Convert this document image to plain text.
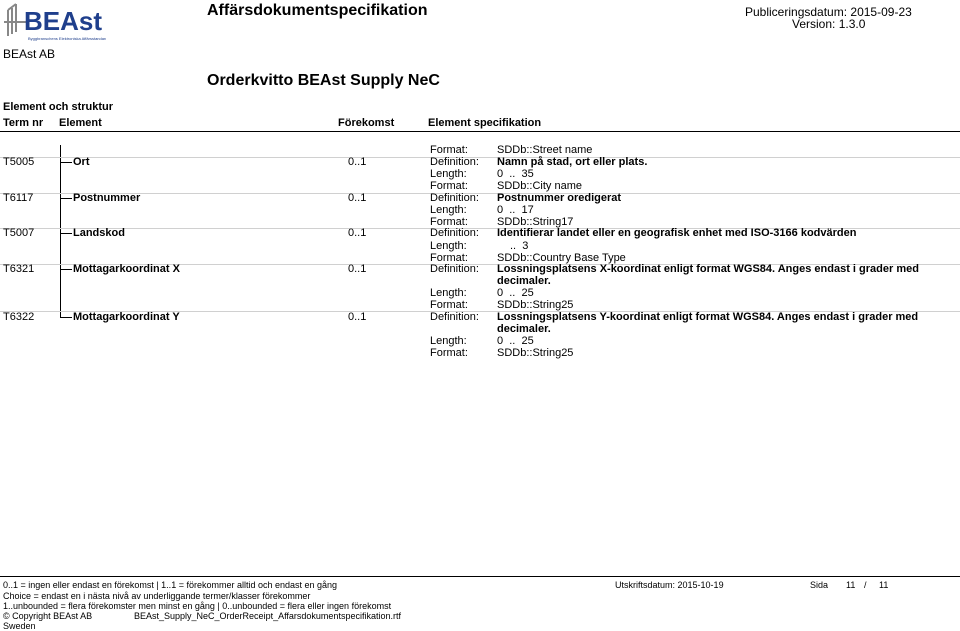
BEAst
Byggbranschens Elektroniska Affärsstandard
BEAst AB
Affärsdokumentspecifikation	Publiceringsdatum: 2015-09-23
Version: 1.3.0
Orderkvitto BEAst Supply NeC
Element och struktur
Term nr Element	Förekomst	Element specifikation
Format:	SDDb::Street name
T5005	Ort	0..1	Definition: Namn på stad, ort eller plats.
Length:	0  ..  35
Format:	SDDb::City name
T6117	Postnummer	0..1	Definition: Postnummer oredigerat
Length:	0  ..  17
Format:	SDDb::String17
T5007	Landskod	0..1	Definition: Identifierar landet eller en geografisk enhet med ISO-3166 kodvärden
Length:	..  3
Format:	SDDb::Country Base Type
T6321	Mottagarkoordinat X	0..1	Definition: Lossningsplatsens X-koordinat enligt format WGS84. Anges endast i grader med
decimaler.
Length:	0  ..  25
Format:	SDDb::String25
T6322	Mottagarkoordinat Y	0..1	Definition: Lossningsplatsens Y-koordinat enligt format WGS84. Anges endast i grader med
decimaler.
Length:	0  ..  25
Format:	SDDb::String25
0..1 = ingen eller endast en förekomst | 1..1 = förekommer alltid och endast en gång
Choice = endast en i nästa nivå av underliggande termer/klasser förekommer
1..unbounded = flera förekomster men minst en gång | 0..unbounded = flera eller ingen förekomst
© Copyright BEAst AB	BEAst_Supply_NeC_OrderReceipt_Affarsdokumentspecifikation.rtf
Sweden
Utskriftsdatum: 2015-10-19	Sida 11 / 11
